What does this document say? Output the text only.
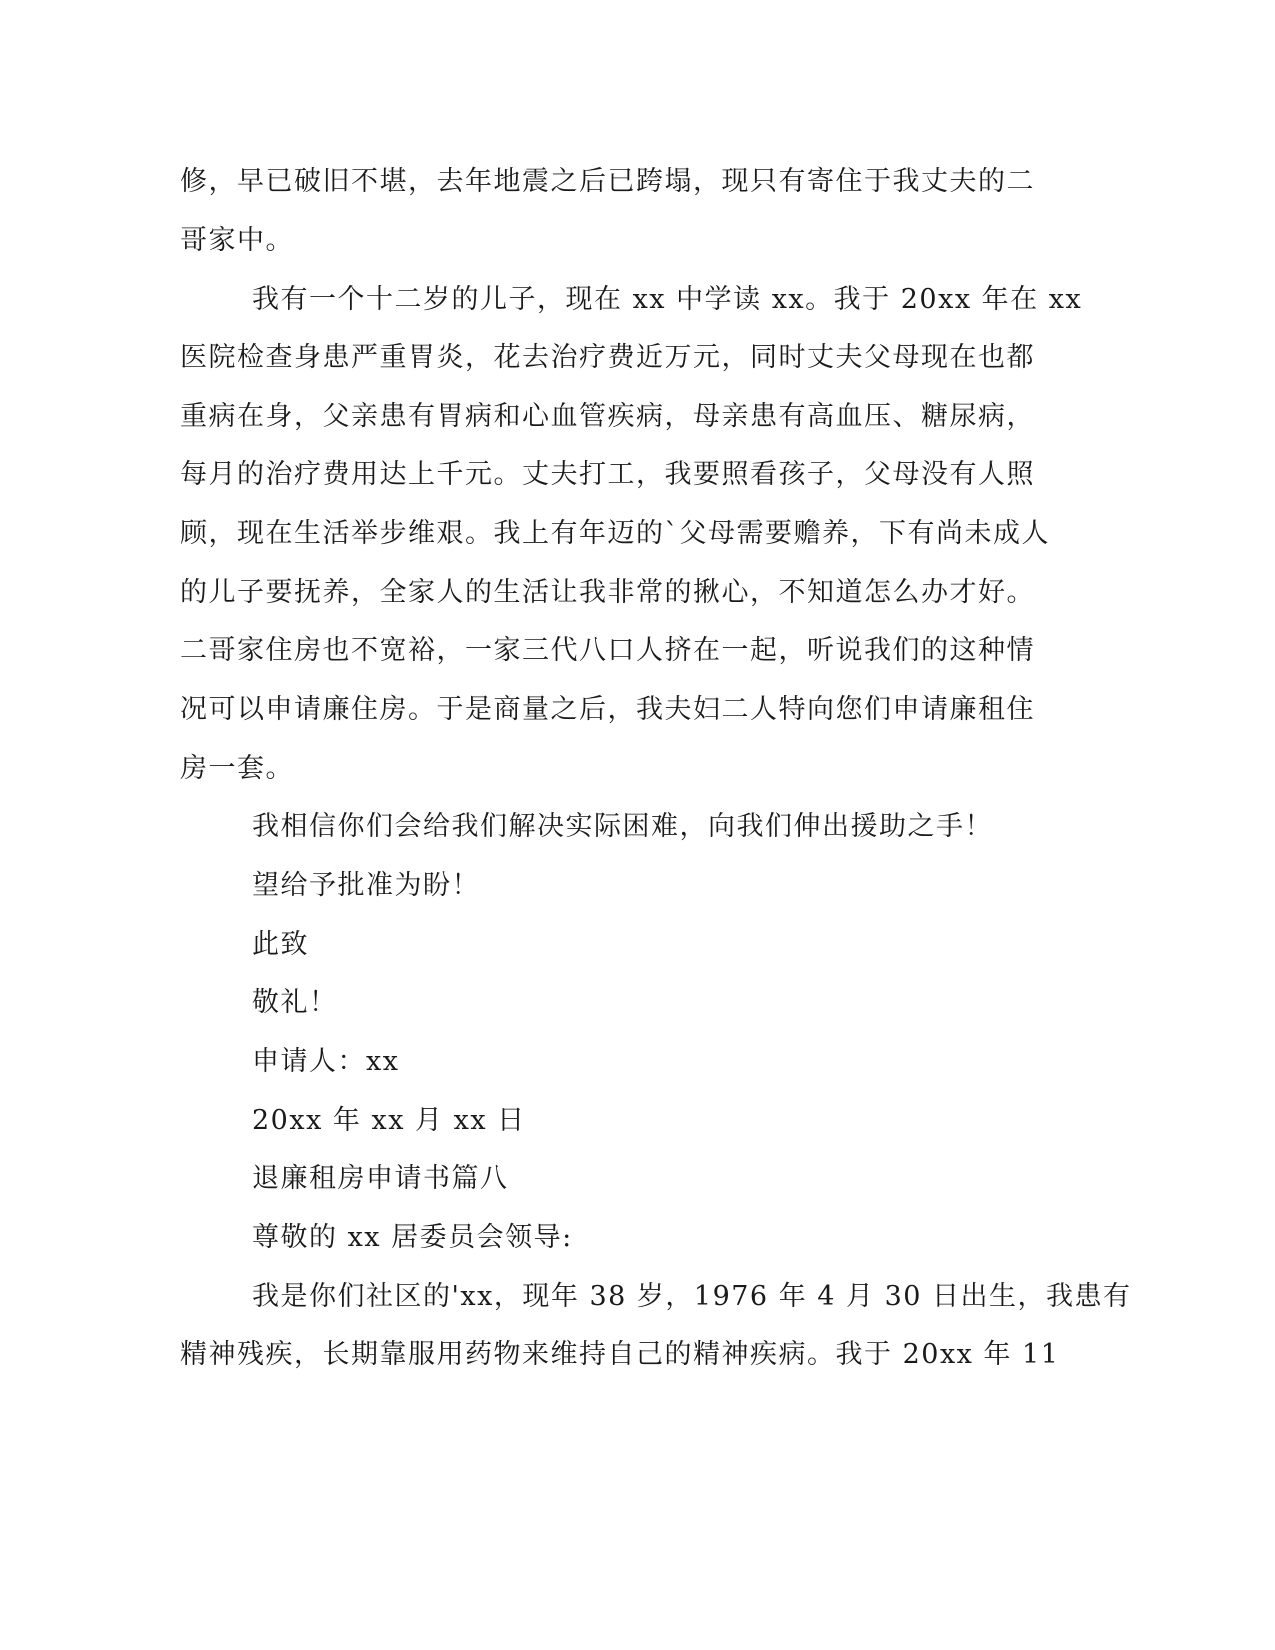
修，早已破旧不堪，去年地震之后已跨塌，现只有寄住于我丈夫的二
哥家中。
我有一个十二岁的儿子，现在 xx 中学读 xx。我于 20xx 年在 xx
医院检查身患严重胃炎，花去治疗费近万元，同时丈夫父母现在也都
重病在身，父亲患有胃病和心血管疾病，母亲患有高血压、糖尿病，
每月的治疗费用达上千元。丈夫打工，我要照看孩子，父母没有人照
顾，现在生活举步维艰。我上有年迈的`父母需要赡养，下有尚未成人
的儿子要抚养，全家人的生活让我非常的揪心，不知道怎么办才好。
二哥家住房也不宽裕，一家三代八口人挤在一起，听说我们的这种情
况可以申请廉住房。于是商量之后，我夫妇二人特向您们申请廉租住
房一套。
我相信你们会给我们解决实际困难，向我们伸出援助之手！
望给予批准为盼！
此致
敬礼！
申请人：xx
20xx 年 xx 月 xx 日
退廉租房申请书篇八
尊敬的 xx 居委员会领导:
我是你们社区的'xx，现年 38 岁，1976 年 4 月 30 日出生，我患有
精神残疾，长期靠服用药物来维持自己的精神疾病。我于 20xx 年 11
